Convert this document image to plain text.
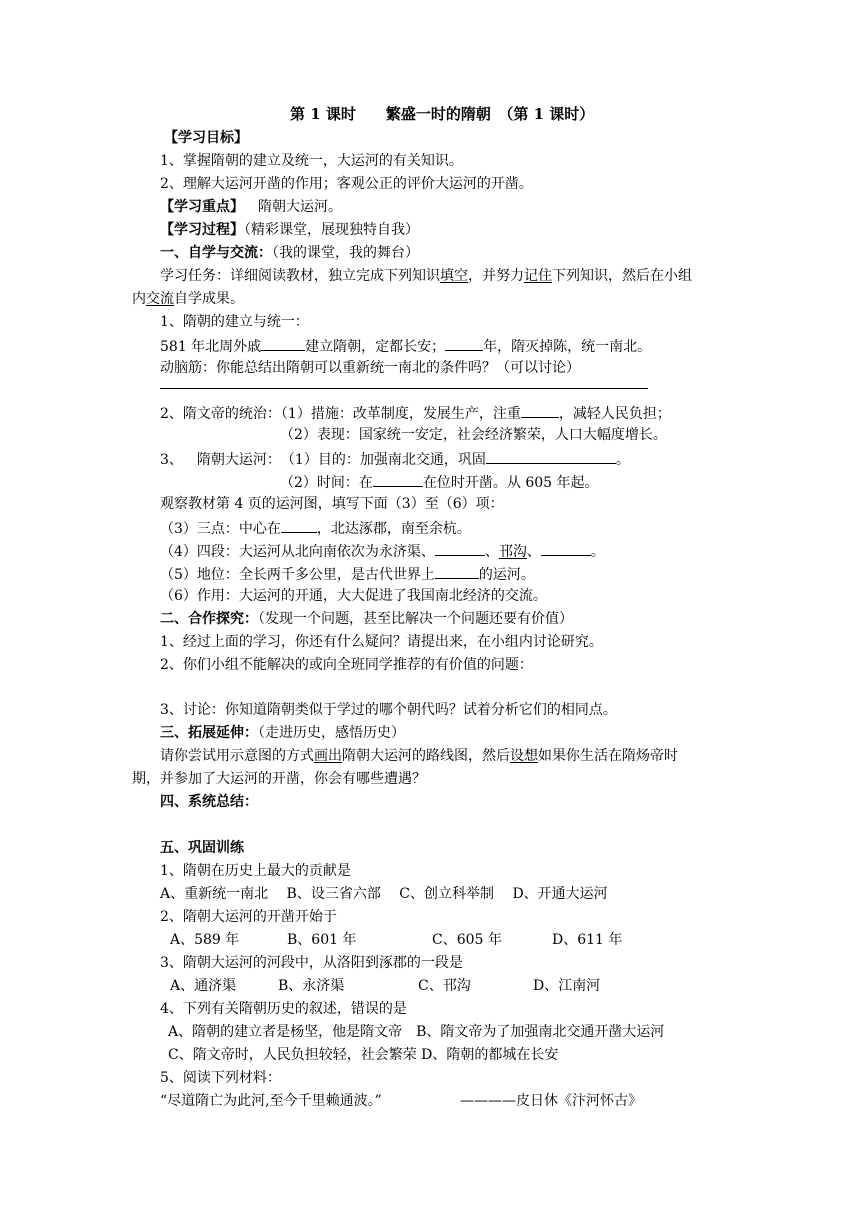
第 1 课时　　繁盛一时的隋朝　（第 1 课时）
【学习目标】
1、掌握隋朝的建立及统一，大运河的有关知识。
2、理解大运河开凿的作用；客观公正的评价大运河的开凿。
【学习重点】 隋朝大运河。
【学习过程】（精彩课堂，展现独特自我）
一、自学与交流：（我的课堂，我的舞台）
学习任务：详细阅读教材，独立完成下列知识填空，并努力记住下列知识，然后在小组
内交流自学成果。
1、隋朝的建立与统一：
581 年北周外戚	建立隋朝，定都长安；	年，隋灭掉陈，统一南北。
动脑筋：你能总结出隋朝可以重新统一南北的条件吗？（可以讨论）
2、隋文帝的统治：（1）措施：改革制度，发展生产，注重	，减轻人民负担；
（2）表现：国家统一安定，社会经济繁荣，人口大幅度增长。
3、 隋朝大运河：　（1）目的：加强南北交通，巩固	。
（2）时间：在	在位时开凿。从 605 年起。
观察教材第 4 页的运河图，填写下面（3）至（6）项：
（3）三点：中心在	，北达涿郡，南至余杭。
（4）四段：大运河从北向南依次为永济渠、	、邗沟、	。
（5）地位：全长两千多公里，是古代世界上	的运河。
（6）作用：大运河的开通，大大促进了我国南北经济的交流。
二、合作探究：（发现一个问题，甚至比解决一个问题还要有价值）
1、经过上面的学习，你还有什么疑问？请提出来，在小组内讨论研究。
2、你们小组不能解决的或向全班同学推荐的有价值的问题：
3、讨论：你知道隋朝类似于学过的哪个朝代吗？试着分析它们的相同点。
三、拓展延伸：（走进历史，感悟历史）
请你尝试用示意图的方式画出隋朝大运河的路线图，然后设想如果你生活在隋炀帝时
期，并参加了大运河的开凿，你会有哪些遭遇？
四、系统总结：
五、巩固训练
1、隋朝在历史上最大的贡献是
A、重新统一南北　 B、设三省六部　 C、创立科举制　 D、开通大运河
2、隋朝大运河的开凿开始于
A、589 年	B、601 年	C、605 年	D、611 年
3、隋朝大运河的河段中，从洛阳到涿郡的一段是
A、通济渠	B、永济渠	C、邗沟	D、江南河
4、下列有关隋朝历史的叙述，错误的是
A、隋朝的建立者是杨坚，他是隋文帝　B、隋文帝为了加强南北交通开凿大运河
C、隋文帝时，人民负担较轻，社会繁荣 D、隋朝的都城在长安
5、阅读下列材料：
“尽道隋亡为此河,至今千里赖通波。”	————皮日休《汴河怀古》
